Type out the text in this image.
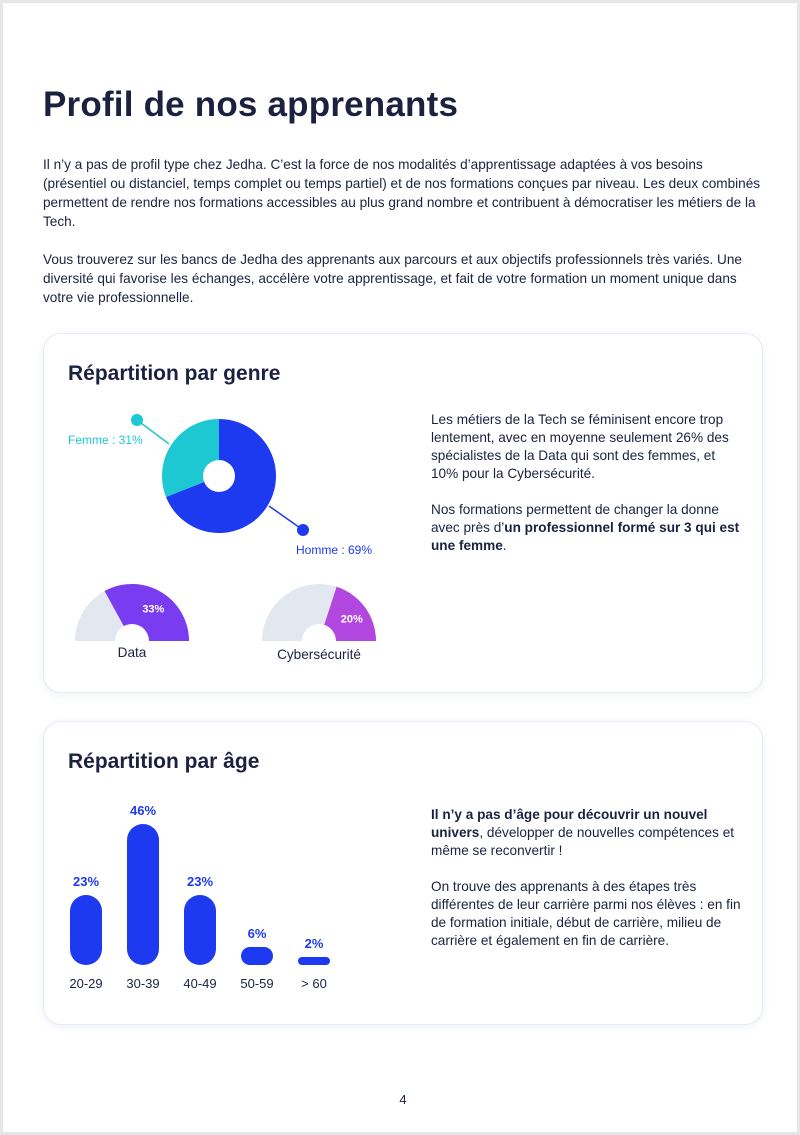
Profil de nos apprenants

Il n’y a pas de profil type chez Jedha. C’est la force de nos modalités d’apprentissage adaptées à vos besoins (présentiel ou distanciel, temps complet ou temps partiel) et de nos formations conçues par niveau. Les deux combinés permettent de rendre nos formations accessibles au plus grand nombre et contribuent à démocratiser les métiers de la Tech.

Vous trouverez sur les bancs de Jedha des apprenants aux parcours et aux objectifs professionnels très variés. Une diversité qui favorise les échanges, accélère votre apprentissage, et fait de votre formation un moment unique dans votre vie professionnelle.

Répartition par genre
33%
20%
Femme : 31%
Homme : 69%
Data	Cybersécurité

Les métiers de la Tech se féminisent encore trop lentement, avec en moyenne seulement 26% des spécialistes de la Data qui sont des femmes, et 10% pour la Cybersécurité.

Nos formations permettent de changer la donne avec près d’un professionnel formé sur 3 qui est une femme.

Répartition par âge
23%
20-29
46%
30-39
23%
40-49
6%
50-59
2%
> 60

Il n’y a pas d’âge pour découvrir un nouvel univers, développer de nouvelles compétences et même se reconvertir !

On trouve des apprenants à des étapes très différentes de leur carrière parmi nos élèves : en fin de formation initiale, début de carrière, milieu de carrière et également en fin de carrière.

4
